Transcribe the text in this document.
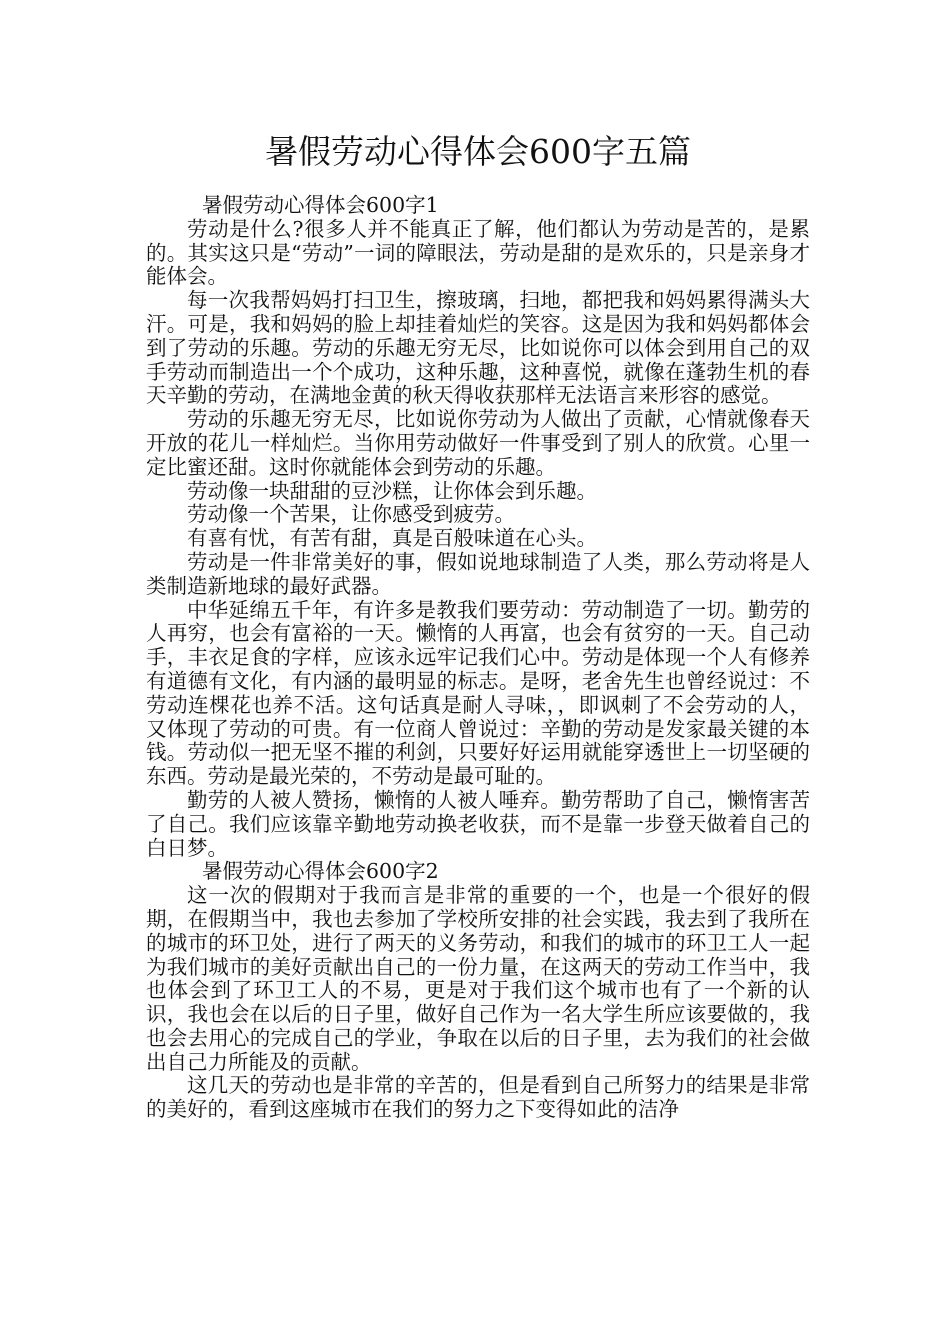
暑假劳动心得体会600字五篇

暑假劳动心得体会600字1

劳动是什么?很多人并不能真正了解，他们都认为劳动是苦的，是累的。其实这只是“劳动”一词的障眼法，劳动是甜的是欢乐的，只是亲身才能体会。

每一次我帮妈妈打扫卫生，擦玻璃，扫地，都把我和妈妈累得满头大汗。可是，我和妈妈的脸上却挂着灿烂的笑容。这是因为我和妈妈都体会到了劳动的乐趣。劳动的乐趣无穷无尽，比如说你可以体会到用自己的双手劳动而制造出一个个成功，这种乐趣，这种喜悦，就像在蓬勃生机的春天辛勤的劳动，在满地金黄的秋天得收获那样无法语言来形容的感觉。

劳动的乐趣无穷无尽，比如说你劳动为人做出了贡献，心情就像春天开放的花儿一样灿烂。当你用劳动做好一件事受到了别人的欣赏。心里一定比蜜还甜。这时你就能体会到劳动的乐趣。

劳动像一块甜甜的豆沙糕，让你体会到乐趣。

劳动像一个苦果，让你感受到疲劳。

有喜有忧，有苦有甜，真是百般味道在心头。

劳动是一件非常美好的事，假如说地球制造了人类，那么劳动将是人类制造新地球的最好武器。

中华延绵五千年，有许多是教我们要劳动：劳动制造了一切。勤劳的人再穷，也会有富裕的一天。懒惰的人再富，也会有贫穷的一天。自己动手，丰衣足食的字样，应该永远牢记我们心中。劳动是体现一个人有修养有道德有文化，有内涵的最明显的标志。是呀，老舍先生也曾经说过：不劳动连棵花也养不活。这句话真是耐人寻味，，即讽刺了不会劳动的人，又体现了劳动的可贵。有一位商人曾说过：辛勤的劳动是发家最关键的本钱。劳动似一把无坚不摧的利剑，只要好好运用就能穿透世上一切坚硬的东西。劳动是最光荣的，不劳动是最可耻的。

勤劳的人被人赞扬，懒惰的人被人唾弃。勤劳帮助了自己，懒惰害苦了自己。我们应该靠辛勤地劳动换老收获，而不是靠一步登天做着自己的白日梦。

暑假劳动心得体会600字2

这一次的假期对于我而言是非常的重要的一个，也是一个很好的假期，在假期当中，我也去参加了学校所安排的社会实践，我去到了我所在的城市的环卫处，进行了两天的义务劳动，和我们的城市的环卫工人一起为我们城市的美好贡献出自己的一份力量，在这两天的劳动工作当中，我也体会到了环卫工人的不易，更是对于我们这个城市也有了一个新的认识，我也会在以后的日子里，做好自己作为一名大学生所应该要做的，我也会去用心的完成自己的学业，争取在以后的日子里，去为我们的社会做出自己力所能及的贡献。

这几天的劳动也是非常的辛苦的，但是看到自己所努力的结果是非常的美好的，看到这座城市在我们的努力之下变得如此的洁净
